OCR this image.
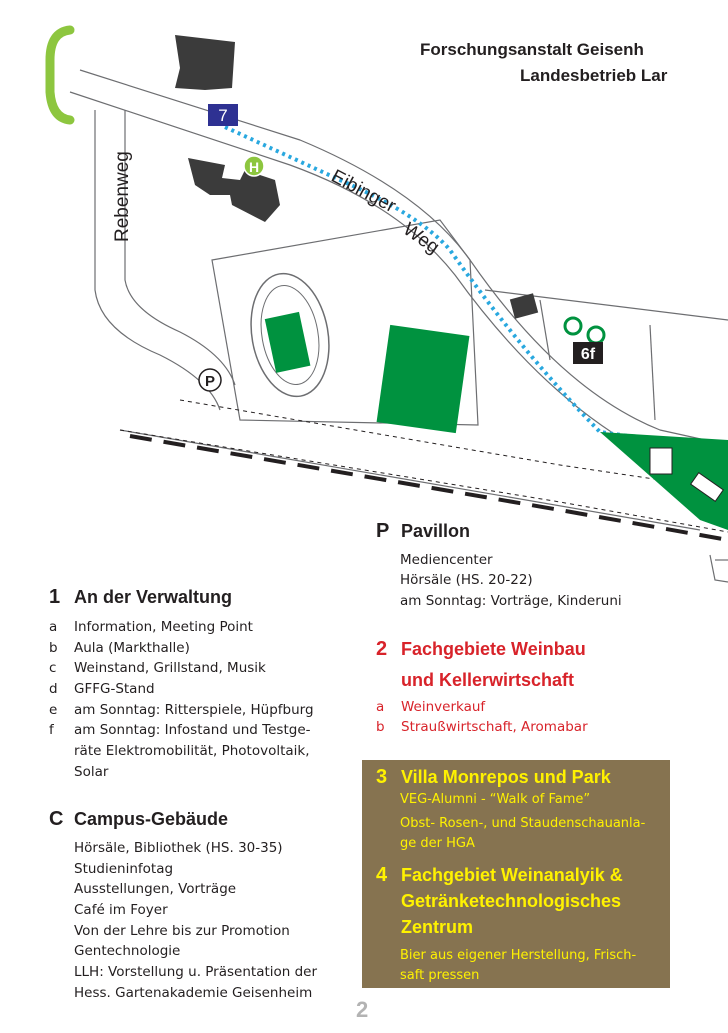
7
H
P
6f
Rebenweg	Eibinger
Weg
Forschungsanstalt Geisenh
Landesbetrieb Lar
P Pavillon
Mediencenter
Hörsäle (HS. 20-22)
am Sonntag: Vorträge, Kinderuni
1 An der Verwaltung
a Information, Meeting Point
b Aula (Markthalle)
c Weinstand, Grillstand, Musik
d GFFG-Stand
e am Sonntag: Ritterspiele, Hüpfburg
f am Sonntag: Infostand und Testge-
räte Elektromobilität, Photovoltaik,
Solar
C Campus-Gebäude
Hörsäle, Bibliothek (HS. 30-35)
Studieninfotag
Ausstellungen, Vorträge
Café im Foyer
Von der Lehre bis zur Promotion
Gentechnologie
LLH: Vorstellung u. Präsentation der
Hess. Gartenakademie Geisenheim
2 Fachgebiete Weinbau
und Kellerwirtschaft
a Weinverkauf
b Straußwirtschaft, Aromabar
3 Villa Monrepos und Park
VEG-Alumni - “Walk of Fame”
Obst- Rosen-, und Staudenschauanla-
ge der HGA
4 Fachgebiet Weinanalyik &
Getränketechnologisches
Zentrum
Bier aus eigener Herstellung, Frisch-
saft pressen
2
